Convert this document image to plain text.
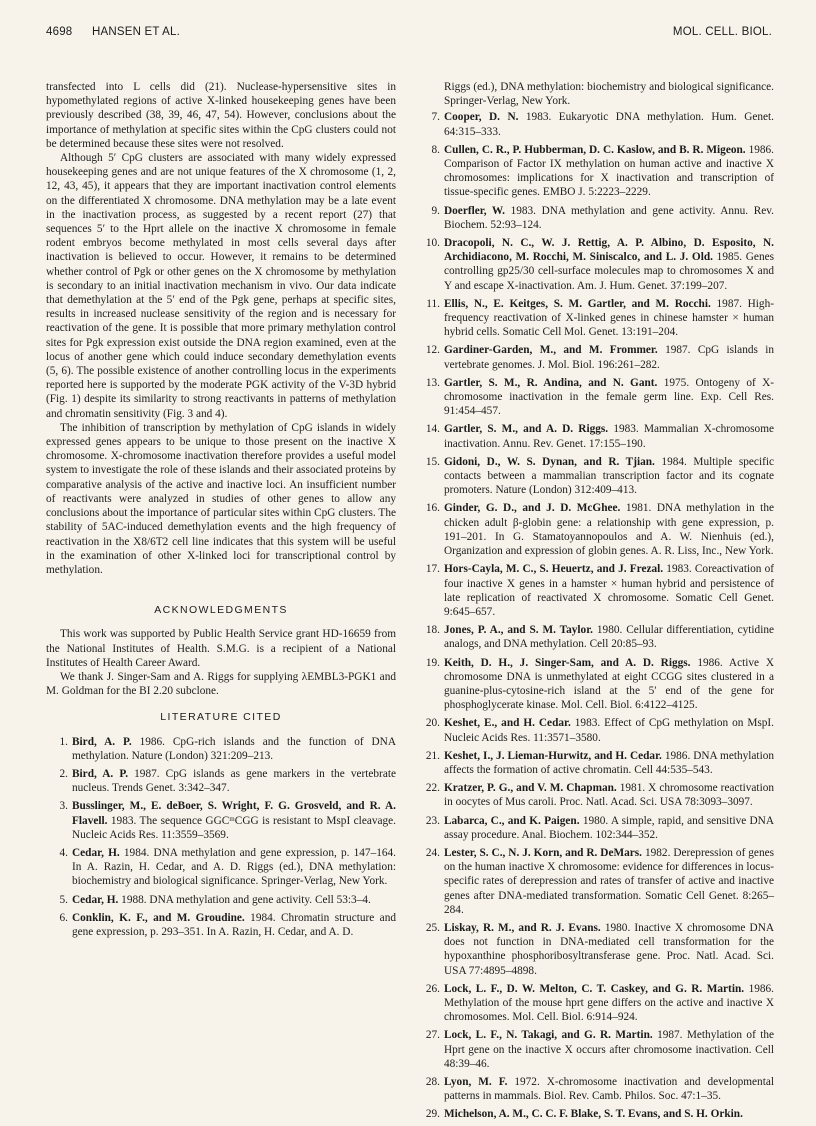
4698 HANSEN ET AL.	MOL. CELL. BIOL.

transfected into L cells did (21). Nuclease-hypersensitive sites in hypomethylated regions of active X-linked housekeeping genes have been previously described (38, 39, 46, 47, 54). However, conclusions about the importance of methylation at specific sites within the CpG clusters could not be determined because these sites were not resolved.

Although 5′ CpG clusters are associated with many widely expressed housekeeping genes and are not unique features of the X chromosome (1, 2, 12, 43, 45), it appears that they are important inactivation control elements on the differentiated X chromosome. DNA methylation may be a late event in the inactivation process, as suggested by a recent report (27) that sequences 5′ to the Hprt allele on the inactive X chromosome in female rodent embryos become methylated in most cells several days after inactivation is believed to occur. However, it remains to be determined whether control of Pgk or other genes on the X chromosome by methylation is secondary to an initial inactivation mechanism in vivo. Our data indicate that demethylation at the 5′ end of the Pgk gene, perhaps at specific sites, results in increased nuclease sensitivity of the region and is necessary for reactivation of the gene. It is possible that more primary methylation control sites for Pgk expression exist outside the DNA region examined, even at the locus of another gene which could induce secondary demethylation events (5, 6). The possible existence of another controlling locus in the experiments reported here is supported by the moderate PGK activity of the V-3D hybrid (Fig. 1) despite its similarity to strong reactivants in patterns of methylation and chromatin sensitivity (Fig. 3 and 4).

The inhibition of transcription by methylation of CpG islands in widely expressed genes appears to be unique to those present on the inactive X chromosome. X-chromosome inactivation therefore provides a useful model system to investigate the role of these islands and their associated proteins by comparative analysis of the active and inactive loci. An insufficient number of reactivants were analyzed in studies of other genes to allow any conclusions about the importance of particular sites within CpG clusters. The stability of 5AC-induced demethylation events and the high frequency of reactivation in the X8/6T2 cell line indicates that this system will be useful in the examination of other X-linked loci for transcriptional control by methylation.

ACKNOWLEDGMENTS

This work was supported by Public Health Service grant HD-16659 from the National Institutes of Health. S.M.G. is a recipient of a National Institutes of Health Career Award.

We thank J. Singer-Sam and A. Riggs for supplying λEMBL3-PGK1 and M. Goldman for the BI 2.20 subclone.

LITERATURE CITED
1. Bird, A. P. 1986. CpG-rich islands and the function of DNA methylation. Nature (London) 321:209–213.
2. Bird, A. P. 1987. CpG islands as gene markers in the vertebrate nucleus. Trends Genet. 3:342–347.
3. Busslinger, M., E. deBoer, S. Wright, F. G. Grosveld, and R. A. Flavell. 1983. The sequence GGCᵐCGG is resistant to MspI cleavage. Nucleic Acids Res. 11:3559–3569.
4. Cedar, H. 1984. DNA methylation and gene expression, p. 147–164. In A. Razin, H. Cedar, and A. D. Riggs (ed.), DNA methylation: biochemistry and biological significance. Springer-Verlag, New York.
5. Cedar, H. 1988. DNA methylation and gene activity. Cell 53:3–4.
6. Conklin, K. F., and M. Groudine. 1984. Chromatin structure and gene expression, p. 293–351. In A. Razin, H. Cedar, and A. D.

Riggs (ed.), DNA methylation: biochemistry and biological significance. Springer-Verlag, New York.

7. Cooper, D. N. 1983. Eukaryotic DNA methylation. Hum. Genet. 64:315–333.
8. Cullen, C. R., P. Hubberman, D. C. Kaslow, and B. R. Migeon. 1986. Comparison of Factor IX methylation on human active and inactive X chromosomes: implications for X inactivation and transcription of tissue-specific genes. EMBO J. 5:2223–2229.
9. Doerfler, W. 1983. DNA methylation and gene activity. Annu. Rev. Biochem. 52:93–124.
10. Dracopoli, N. C., W. J. Rettig, A. P. Albino, D. Esposito, N. Archidiacono, M. Rocchi, M. Siniscalco, and L. J. Old. 1985. Genes controlling gp25/30 cell-surface molecules map to chromosomes X and Y and escape X-inactivation. Am. J. Hum. Genet. 37:199–207.
11. Ellis, N., E. Keitges, S. M. Gartler, and M. Rocchi. 1987. High-frequency reactivation of X-linked genes in chinese hamster × human hybrid cells. Somatic Cell Mol. Genet. 13:191–204.
12. Gardiner-Garden, M., and M. Frommer. 1987. CpG islands in vertebrate genomes. J. Mol. Biol. 196:261–282.
13. Gartler, S. M., R. Andina, and N. Gant. 1975. Ontogeny of X-chromosome inactivation in the female germ line. Exp. Cell Res. 91:454–457.
14. Gartler, S. M., and A. D. Riggs. 1983. Mammalian X-chromosome inactivation. Annu. Rev. Genet. 17:155–190.
15. Gidoni, D., W. S. Dynan, and R. Tjian. 1984. Multiple specific contacts between a mammalian transcription factor and its cognate promoters. Nature (London) 312:409–413.
16. Ginder, G. D., and J. D. McGhee. 1981. DNA methylation in the chicken adult β-globin gene: a relationship with gene expression, p. 191–201. In G. Stamatoyannopoulos and A. W. Nienhuis (ed.), Organization and expression of globin genes. A. R. Liss, Inc., New York.
17. Hors-Cayla, M. C., S. Heuertz, and J. Frezal. 1983. Coreactivation of four inactive X genes in a hamster × human hybrid and persistence of late replication of reactivated X chromosome. Somatic Cell Genet. 9:645–657.
18. Jones, P. A., and S. M. Taylor. 1980. Cellular differentiation, cytidine analogs, and DNA methylation. Cell 20:85–93.
19. Keith, D. H., J. Singer-Sam, and A. D. Riggs. 1986. Active X chromosome DNA is unmethylated at eight CCGG sites clustered in a guanine-plus-cytosine-rich island at the 5′ end of the gene for phosphoglycerate kinase. Mol. Cell. Biol. 6:4122–4125.
20. Keshet, E., and H. Cedar. 1983. Effect of CpG methylation on MspI. Nucleic Acids Res. 11:3571–3580.
21. Keshet, I., J. Lieman-Hurwitz, and H. Cedar. 1986. DNA methylation affects the formation of active chromatin. Cell 44:535–543.
22. Kratzer, P. G., and V. M. Chapman. 1981. X chromosome reactivation in oocytes of Mus caroli. Proc. Natl. Acad. Sci. USA 78:3093–3097.
23. Labarca, C., and K. Paigen. 1980. A simple, rapid, and sensitive DNA assay procedure. Anal. Biochem. 102:344–352.
24. Lester, S. C., N. J. Korn, and R. DeMars. 1982. Derepression of genes on the human inactive X chromosome: evidence for differences in locus-specific rates of derepression and rates of transfer of active and inactive genes after DNA-mediated transformation. Somatic Cell Genet. 8:265–284.
25. Liskay, R. M., and R. J. Evans. 1980. Inactive X chromosome DNA does not function in DNA-mediated cell transformation for the hypoxanthine phosphoribosyltransferase gene. Proc. Natl. Acad. Sci. USA 77:4895–4898.
26. Lock, L. F., D. W. Melton, C. T. Caskey, and G. R. Martin. 1986. Methylation of the mouse hprt gene differs on the active and inactive X chromosomes. Mol. Cell. Biol. 6:914–924.
27. Lock, L. F., N. Takagi, and G. R. Martin. 1987. Methylation of the Hprt gene on the inactive X occurs after chromosome inactivation. Cell 48:39–46.
28. Lyon, M. F. 1972. X-chromosome inactivation and developmental patterns in mammals. Biol. Rev. Camb. Philos. Soc. 47:1–35.
29. Michelson, A. M., C. C. F. Blake, S. T. Evans, and S. H. Orkin.
